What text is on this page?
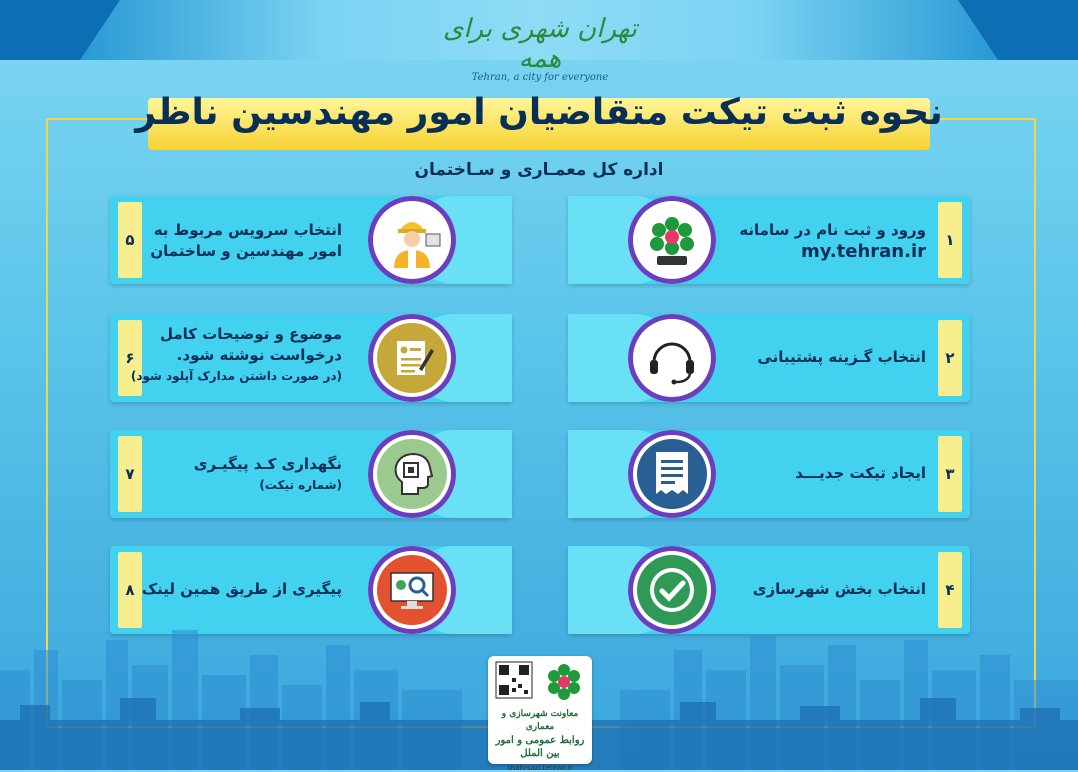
تهران شهری برای همه
Tehran, a city for everyone
نحوه ثبت تیکت متقاضیان امور مهندسین ناظر
اداره کل معمـاری و سـاختمان
۱
ورود و ثبت نام در سامانه
my.tehran.ir
۲
انتخاب گـزینه پشتیبانی
۳
ایجاد تیکت جدیـــد
۴
انتخاب بخش شهرسازی
۵
انتخاب سرویس مربوط به
امور مهندسین و ساختمان
۶
موضوع و توضیحات کامل
درخواست نوشته شود.
(در صورت داشتن مدارک آپلود شود)
۷
نگهداری کـد پیگیـری
(شماره تیکت)
۸ پیگیری از طریق همین لینک
معاونت شهرسازی و معماری
روابط عمومی و امور بین الملل
shahrsazi.tehran.ir
